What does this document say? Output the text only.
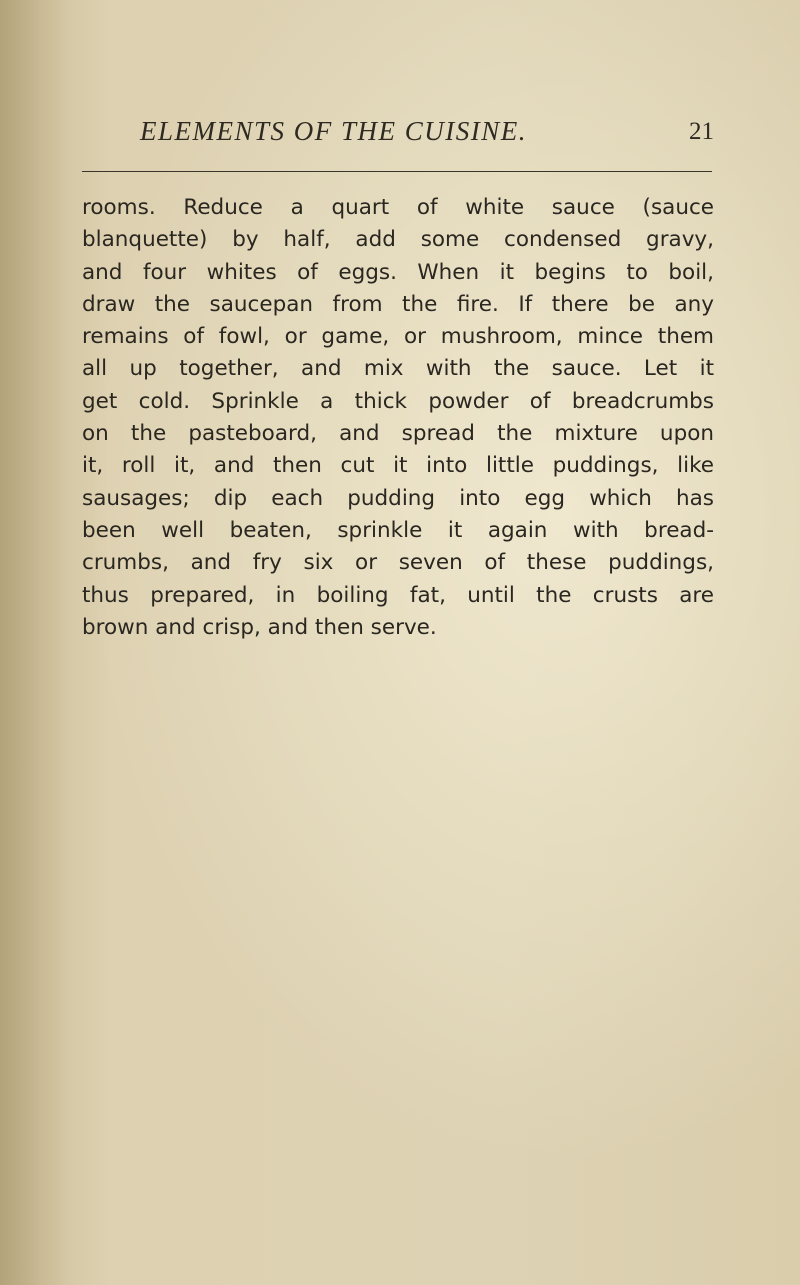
ELEMENTS OF THE CUISINE.	21
rooms. Reduce a quart of white sauce (sauce
blanquette) by half, add some condensed gravy,
and four whites of eggs. When it begins to boil,
draw the saucepan from the fire. If there be any
remains of fowl, or game, or mushroom, mince them
all up together, and mix with the sauce. Let it
get cold. Sprinkle a thick powder of breadcrumbs
on the pasteboard, and spread the mixture upon
it, roll it, and then cut it into little puddings, like
sausages; dip each pudding into egg which has
been well beaten, sprinkle it again with bread-
crumbs, and fry six or seven of these puddings,
thus prepared, in boiling fat, until the crusts are
brown and crisp, and then serve.
